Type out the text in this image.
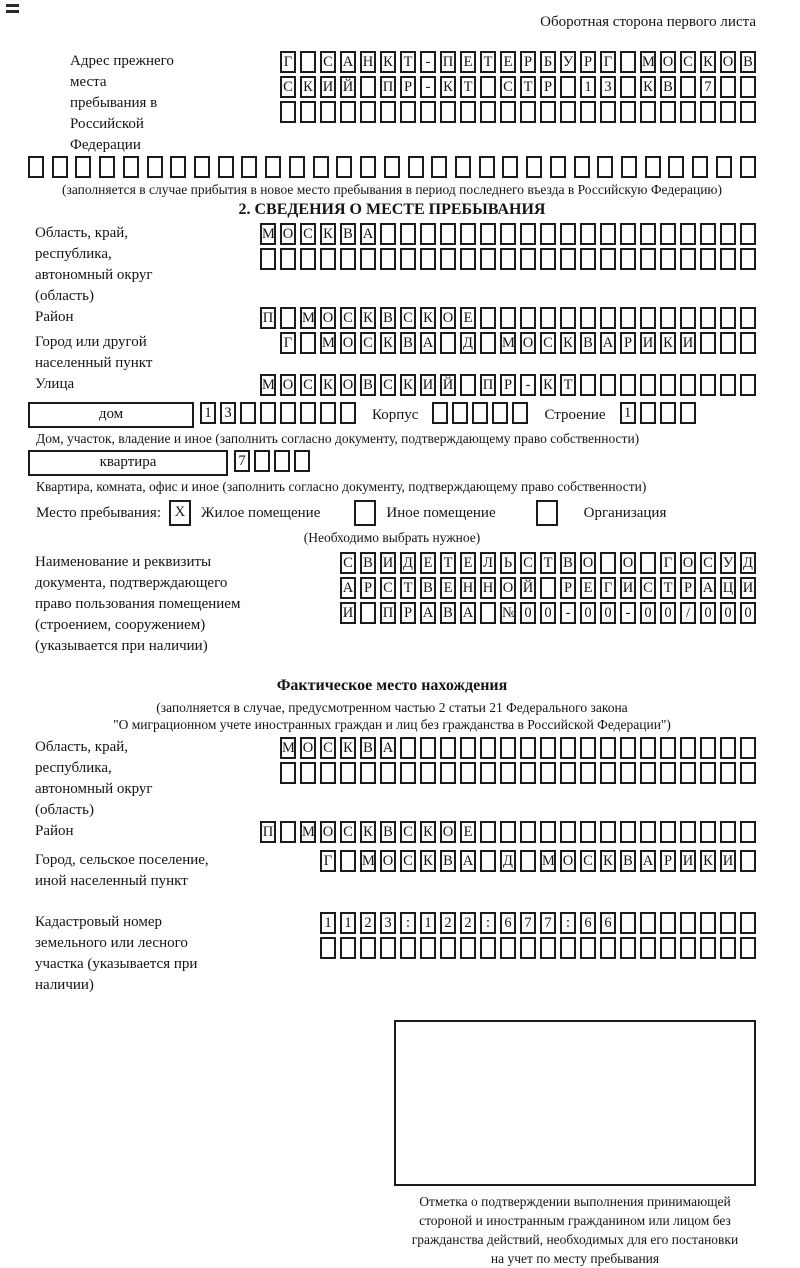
Оборотная сторона первого листа
Адрес прежнего места пребывания в Российской Федерации
Г С А Н К Т - П Е Т Е Р Б У Р Г М О С К О В
С К И Й П Р - К Т С Т Р	1 3	К В	7
(заполняется в случае прибытия в новое место пребывания в период последнего въезда в Российскую Федерацию)
2. СВЕДЕНИЯ О МЕСТЕ ПРЕБЫВАНИЯ
Область, край, республика, автономный округ (область)
М О С К В А
Район	П М О С К В С К О Е
Город или другой населенный пункт
Г М О С К В А Д М О С К В А Р И К И
Улица	М О С К О В С К И Й П Р - К Т
дом	1 3	Корпус	Строение	1
Дом, участок, владение и иное (заполнить согласно документу, подтверждающему право собственности)
квартира	7
Квартира, комната, офис и иное (заполнить согласно документу, подтверждающему право собственности)
Место пребывания: X	Жилое помещение	Иное помещение	Организация
(Необходимо выбрать нужное)
Наименование и реквизиты документа, подтверждающего право пользования помещением (строением, сооружением) (указывается при наличии)
С В И Д Е Т Е Л Ь С Т В О О Г О С У Д
А Р С Т В Е Н Н О Й Р Е Г И С Т Р А Ц И
И П Р А В А № 0 0 - 0 0 - 0 0 / 0 0 0
Фактическое место нахождения
(заполняется в случае, предусмотренном частью 2 статьи 21 Федерального закона
"О миграционном учете иностранных граждан и лиц без гражданства в Российской Федерации")
Область, край, республика, автономный округ (область)
М О С К В А
Район	П М О С К В С К О Е
Город, сельское поселение, иной населенный пункт
Г М О С К В А Д М О С К В А Р И К И
Кадастровый номер земельного или лесного участка (указывается при наличии)
1 1 2 3 : 1 2 2 : 6 7 7 : 6 6
Отметка о подтверждении выполнения принимающей
стороной и иностранным гражданином или лицом без
гражданства действий, необходимых для его постановки
на учет по месту пребывания
